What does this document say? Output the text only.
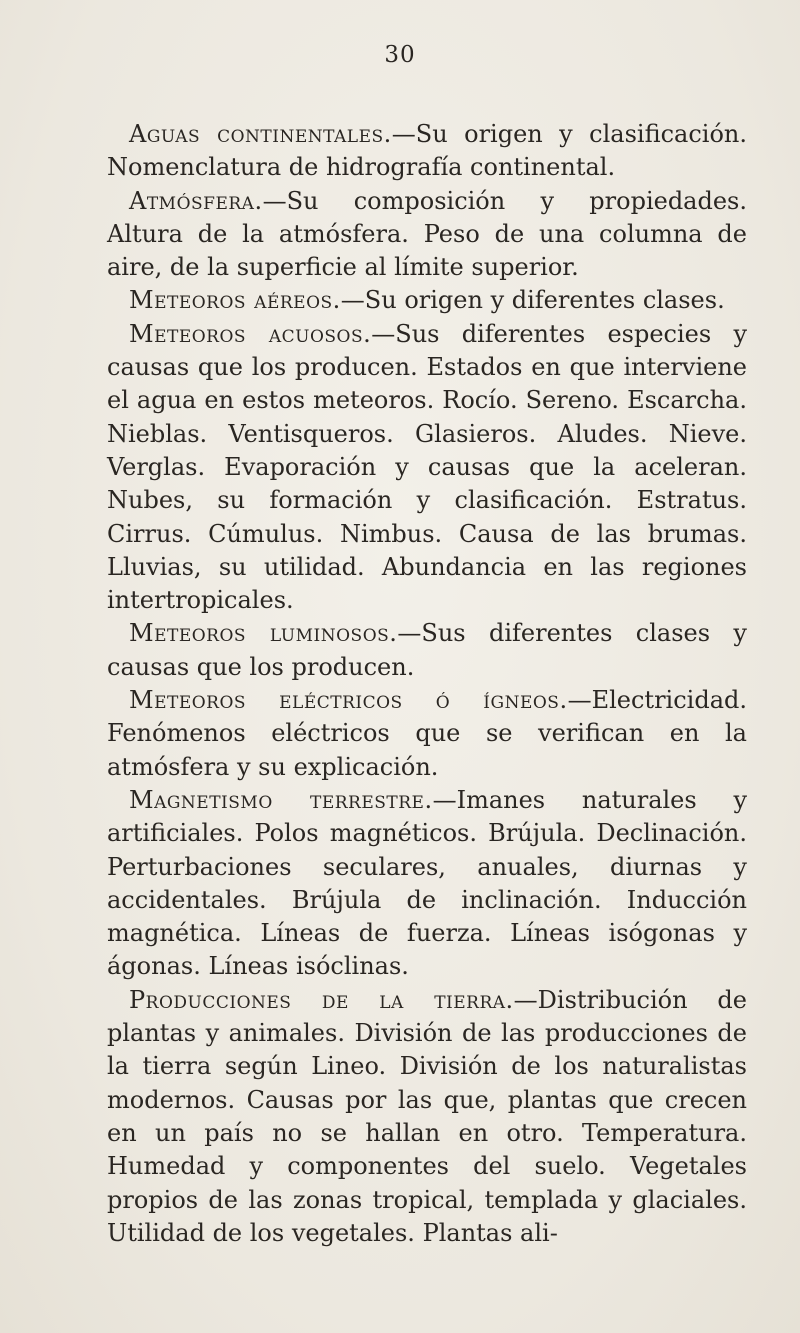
30

Aguas continentales.—Su origen y clasificación. Nomenclatura de hidrografía continental.

Atmósfera.—Su composición y propiedades. Altura de la atmósfera. Peso de una columna de aire, de la superficie al límite superior.

Meteoros aéreos.—Su origen y diferentes clases.

Meteoros acuosos.—Sus diferentes especies y causas que los producen. Estados en que interviene el agua en estos meteoros. Rocío. Sereno. Escarcha. Nieblas. Ventisqueros. Glasieros. Aludes. Nieve. Verglas. Evaporación y causas que la aceleran. Nubes, su formación y clasificación. Estratus. Cirrus. Cúmulus. Nimbus. Causa de las brumas. Lluvias, su utilidad. Abundancia en las regiones intertropicales.

Meteoros luminosos.—Sus diferentes clases y causas que los producen.

Meteoros eléctricos ó ígneos.—Electricidad. Fenómenos eléctricos que se verifican en la atmósfera y su explicación.

Magnetismo terrestre.—Imanes naturales y artificiales. Polos magnéticos. Brújula. Declinación. Perturbaciones seculares, anuales, diurnas y accidentales. Brújula de inclinación. Inducción magnética. Líneas de fuerza. Líneas isógonas y ágonas. Líneas isóclinas.

Producciones de la tierra.—Distribución de plantas y animales. División de las producciones de la tierra según Lineo. División de los naturalistas modernos. Causas por las que, plantas que crecen en un país no se hallan en otro. Temperatura. Humedad y componentes del suelo. Vegetales propios de las zonas tropical, templada y glaciales. Utilidad de los vegetales. Plantas ali-
